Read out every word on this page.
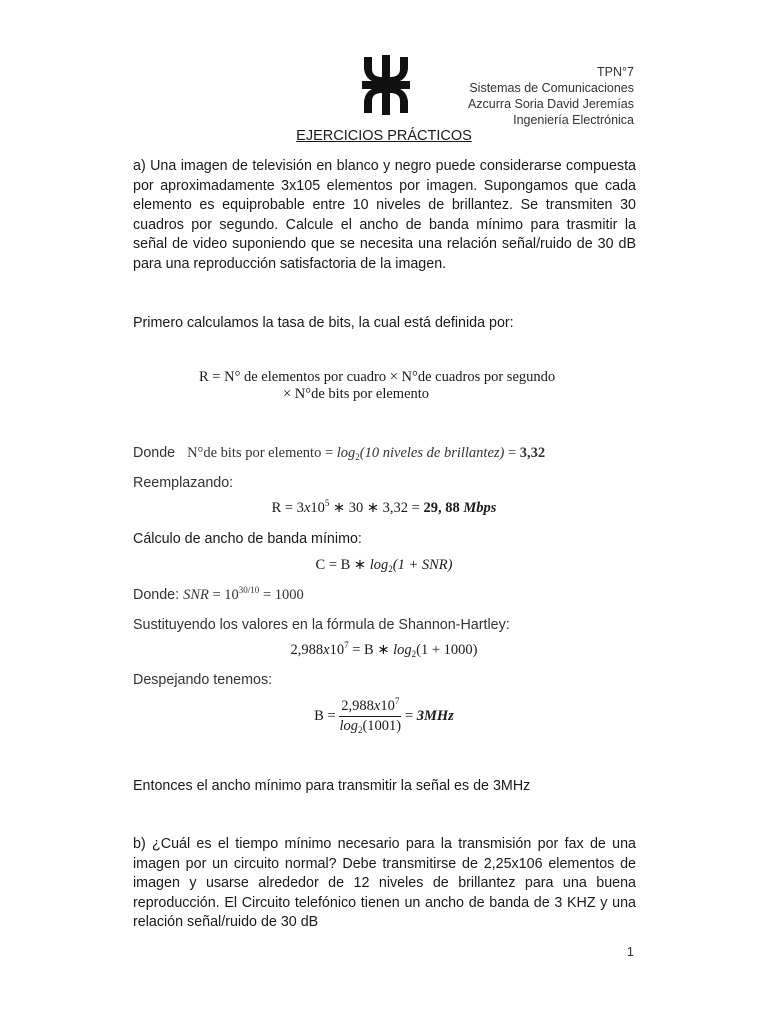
TPN°7
Sistemas de Comunicaciones
Azcurra Soria David Jeremías
Ingeniería Electrónica
EJERCICIOS PRÁCTICOS
a) Una imagen de televisión en blanco y negro puede considerarse compuesta por aproximadamente 3x105 elementos por imagen. Supongamos que cada elemento es equiprobable entre 10 niveles de brillantez. Se transmiten 30 cuadros por segundo. Calcule el ancho de banda mínimo para trasmitir la señal de video suponiendo que se necesita una relación señal/ruido de 30 dB para una reproducción satisfactoria de la imagen.
Primero calculamos la tasa de bits, la cual está definida por:
R = N° de elementos por cuadro × N°de cuadros por segundo
× N°de bits por elemento
Donde N°de bits por elemento = $\log_2(10$ niveles de brillantez) = 3,32
Reemplazando:
$R = 3x10^5$ ∗ 30 ∗ 3,32 = 29, 88 Mbps
Cálculo de ancho de banda mínimo:
C = B ∗ $\log_2(1 + SNR)$
Donde: SNR = $10^{30/10} = 1000$
Sustituyendo los valores en la fórmula de Shannon-Hartley:
$2,988x10^7 = B$ ∗ $\log_2(1 + 1000)$
Despejando tenemos:
$B = \frac{2,988x10^7}{\log_2(1001)} = 3MHz$
Entonces el ancho mínimo para transmitir la señal es de 3MHz
b) ¿Cuál es el tiempo mínimo necesario para la transmisión por fax de una imagen por un circuito normal? Debe transmitirse de 2,25x106 elementos de imagen y usarse alrededor de 12 niveles de brillantez para una buena reproducción. El Circuito telefónico tienen un ancho de banda de 3 KHZ y una relación señal/ruido de 30 dB
1
